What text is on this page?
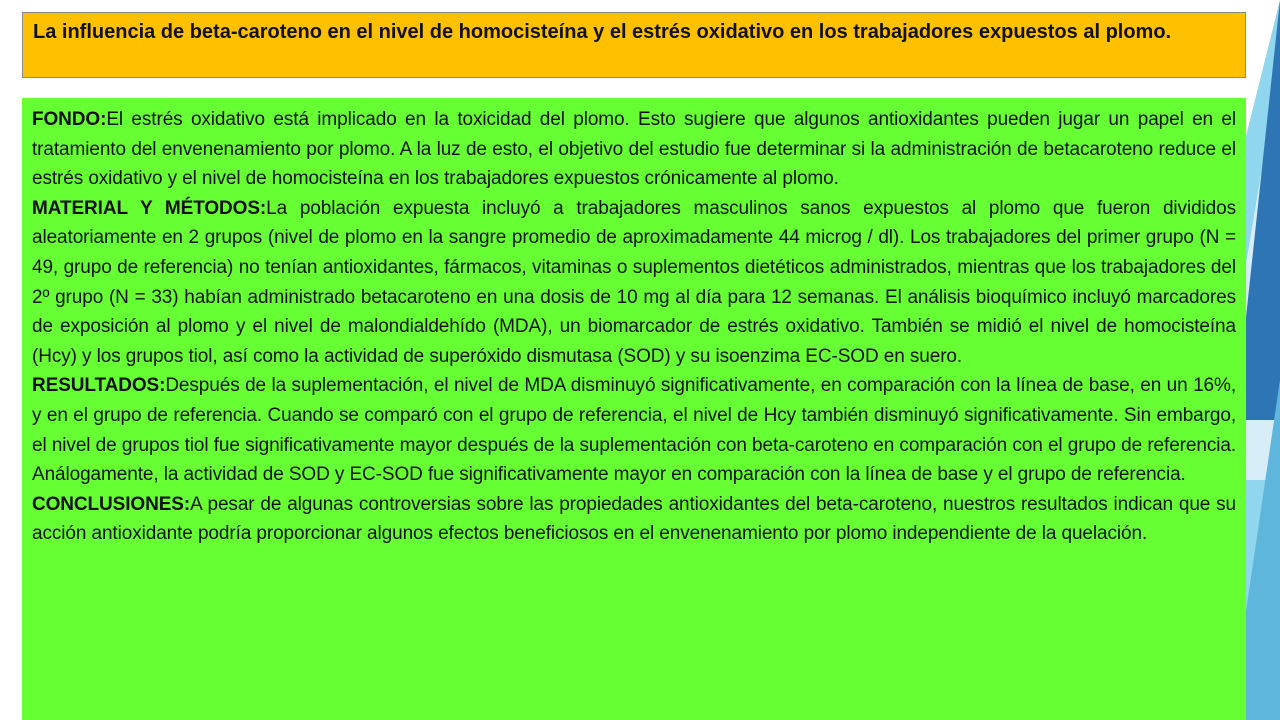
La influencia de beta-caroteno en el nivel de homocisteína y el estrés oxidativo en los trabajadores expuestos al plomo.

FONDO:El estrés oxidativo está implicado en la toxicidad del plomo. Esto sugiere que algunos antioxidantes pueden jugar un papel en el tratamiento del envenenamiento por plomo. A la luz de esto, el objetivo del estudio fue determinar si la administración de betacaroteno reduce el estrés oxidativo y el nivel de homocisteína en los trabajadores expuestos crónicamente al plomo.

MATERIAL Y MÉTODOS:La población expuesta incluyó a trabajadores masculinos sanos expuestos al plomo que fueron divididos aleatoriamente en 2 grupos (nivel de plomo en la sangre promedio de aproximadamente 44 microg / dl). Los trabajadores del primer grupo (N = 49, grupo de referencia) no tenían antioxidantes, fármacos, vitaminas o suplementos dietéticos administrados, mientras que los trabajadores del 2º grupo (N = 33) habían administrado betacaroteno en una dosis de 10 mg al día para 12 semanas. El análisis bioquímico incluyó marcadores de exposición al plomo y el nivel de malondialdehído (MDA), un biomarcador de estrés oxidativo. También se midió el nivel de homocisteína (Hcy) y los grupos tiol, así como la actividad de superóxido dismutasa (SOD) y su isoenzima EC-SOD en suero.

RESULTADOS:Después de la suplementación, el nivel de MDA disminuyó significativamente, en comparación con la línea de base, en un 16%, y en el grupo de referencia. Cuando se comparó con el grupo de referencia, el nivel de Hcy también disminuyó significativamente. Sin embargo, el nivel de grupos tiol fue significativamente mayor después de la suplementación con beta-caroteno en comparación con el grupo de referencia. Análogamente, la actividad de SOD y EC-SOD fue significativamente mayor en comparación con la línea de base y el grupo de referencia.

CONCLUSIONES:A pesar de algunas controversias sobre las propiedades antioxidantes del beta-caroteno, nuestros resultados indican que su acción antioxidante podría proporcionar algunos efectos beneficiosos en el envenenamiento por plomo independiente de la quelación.
